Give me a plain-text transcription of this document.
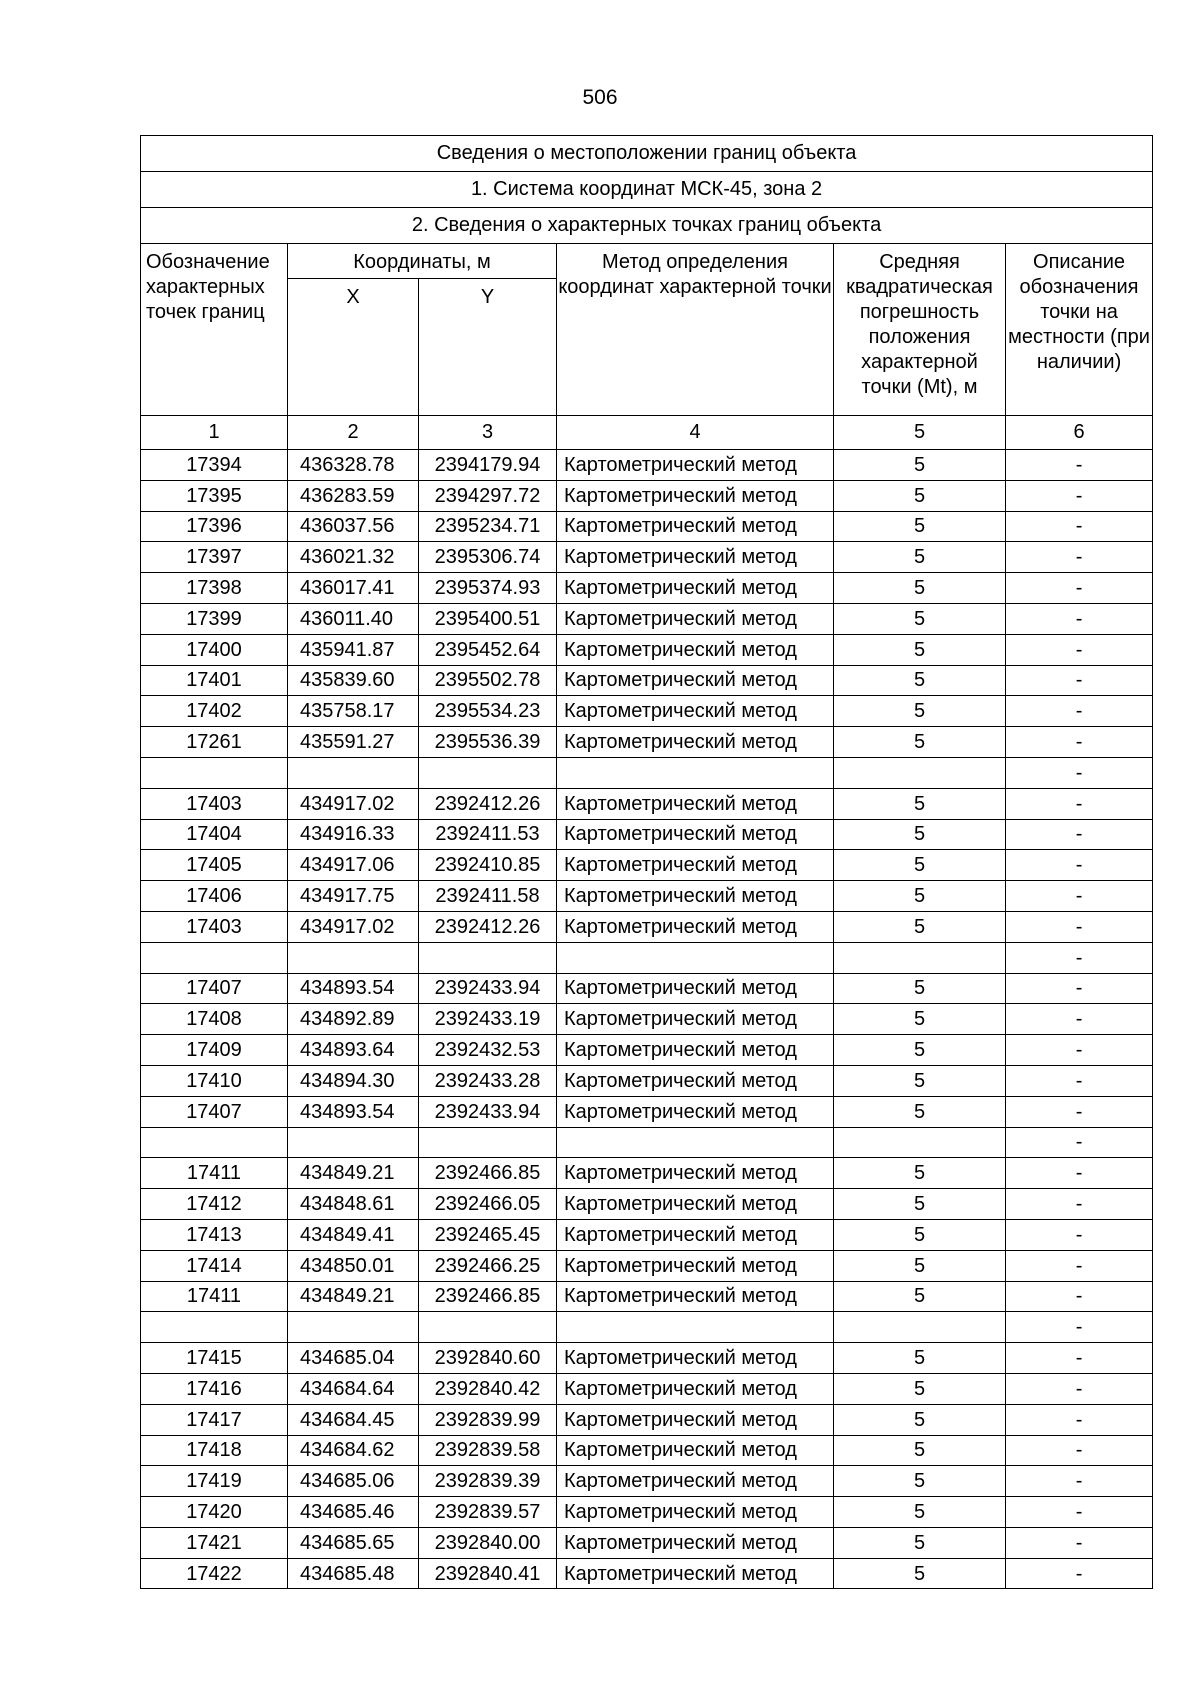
506
Сведения о местоположении границ объекта					
1. Система координат МСК-45, зона 2					
2. Сведения о характерных точках границ объекта					
Обозначение характерных точек границ	Координаты, м		Метод определения координат характерной точки	Средняя квадратическая погрешность положения характерной точки (Mt), м	Описание обозначения точки на местности (при наличии)
	X	Y			
1	2	3	4	5	6
17394	436328.78	2394179.94	Картометрический метод	5	-
17395	436283.59	2394297.72	Картометрический метод	5	-
17396	436037.56	2395234.71	Картометрический метод	5	-
17397	436021.32	2395306.74	Картометрический метод	5	-
17398	436017.41	2395374.93	Картометрический метод	5	-
17399	436011.40	2395400.51	Картометрический метод	5	-
17400	435941.87	2395452.64	Картометрический метод	5	-
17401	435839.60	2395502.78	Картометрический метод	5	-
17402	435758.17	2395534.23	Картометрический метод	5	-
17261	435591.27	2395536.39	Картометрический метод	5	-
					-
17403	434917.02	2392412.26	Картометрический метод	5	-
17404	434916.33	2392411.53	Картометрический метод	5	-
17405	434917.06	2392410.85	Картометрический метод	5	-
17406	434917.75	2392411.58	Картометрический метод	5	-
17403	434917.02	2392412.26	Картометрический метод	5	-
					-
17407	434893.54	2392433.94	Картометрический метод	5	-
17408	434892.89	2392433.19	Картометрический метод	5	-
17409	434893.64	2392432.53	Картометрический метод	5	-
17410	434894.30	2392433.28	Картометрический метод	5	-
17407	434893.54	2392433.94	Картометрический метод	5	-
					-
17411	434849.21	2392466.85	Картометрический метод	5	-
17412	434848.61	2392466.05	Картометрический метод	5	-
17413	434849.41	2392465.45	Картометрический метод	5	-
17414	434850.01	2392466.25	Картометрический метод	5	-
17411	434849.21	2392466.85	Картометрический метод	5	-
					-
17415	434685.04	2392840.60	Картометрический метод	5	-
17416	434684.64	2392840.42	Картометрический метод	5	-
17417	434684.45	2392839.99	Картометрический метод	5	-
17418	434684.62	2392839.58	Картометрический метод	5	-
17419	434685.06	2392839.39	Картометрический метод	5	-
17420	434685.46	2392839.57	Картометрический метод	5	-
17421	434685.65	2392840.00	Картометрический метод	5	-
17422	434685.48	2392840.41	Картометрический метод	5	-
